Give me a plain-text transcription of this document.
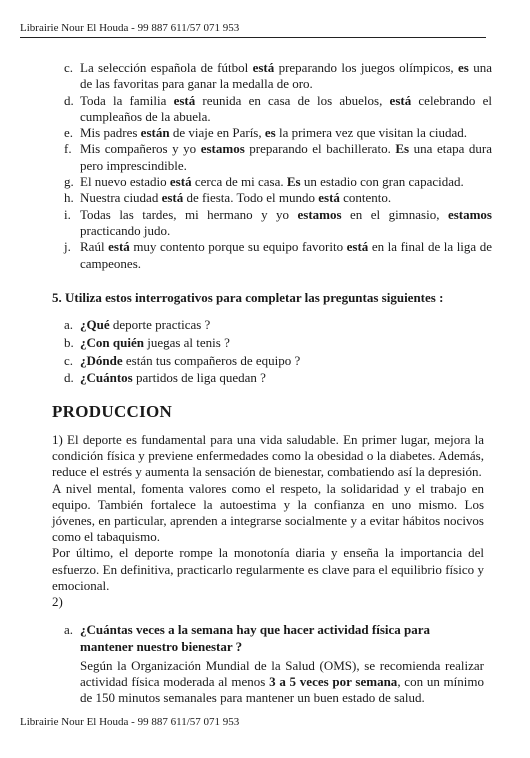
Librairie Nour El Houda - 99 887 611/57 071 953
c. La selección española de fútbol está preparando los juegos olímpicos, es una de las favoritas para ganar la medalla de oro.
d. Toda la familia está reunida en casa de los abuelos, está celebrando el cumpleaños de la abuela.
e. Mis padres están de viaje en París, es la primera vez que visitan la ciudad.
f. Mis compañeros y yo estamos preparando el bachillerato. Es una etapa dura pero imprescindible.
g. El nuevo estadio está cerca de mi casa. Es un estadio con gran capacidad.
h. Nuestra ciudad está de fiesta. Todo el mundo está contento.
i. Todas las tardes, mi hermano y yo estamos en el gimnasio, estamos practicando judo.
j. Raúl está muy contento porque su equipo favorito está en la final de la liga de campeones.
5. Utiliza estos interrogativos para completar las preguntas siguientes :
a. ¿Qué deporte practicas ?
b. ¿Con quién juegas al tenis ?
c. ¿Dónde están tus compañeros de equipo ?
d. ¿Cuántos partidos de liga quedan ?
PRODUCCION

1) El deporte es fundamental para una vida saludable. En primer lugar, mejora la condición física y previene enfermedades como la obesidad o la diabetes. Además, reduce el estrés y aumenta la sensación de bienestar, combatiendo así la depresión.

A nivel mental, fomenta valores como el respeto, la solidaridad y el trabajo en equipo. También fortalece la autoestima y la confianza en uno mismo. Los jóvenes, en particular, aprenden a integrarse socialmente y a evitar hábitos nocivos como el tabaquismo.

Por último, el deporte rompe la monotonía diaria y enseña la importancia del esfuerzo. En definitiva, practicarlo regularmente es clave para el equilibrio físico y emocional.

2)

a. ¿Cuántas veces a la semana hay que hacer actividad física para mantener nuestro bienestar ?
Según la Organización Mundial de la Salud (OMS), se recomienda realizar actividad física moderada al menos 3 a 5 veces por semana, con un mínimo de 150 minutos semanales para mantener un buen estado de salud.
Librairie Nour El Houda - 99 887 611/57 071 953
